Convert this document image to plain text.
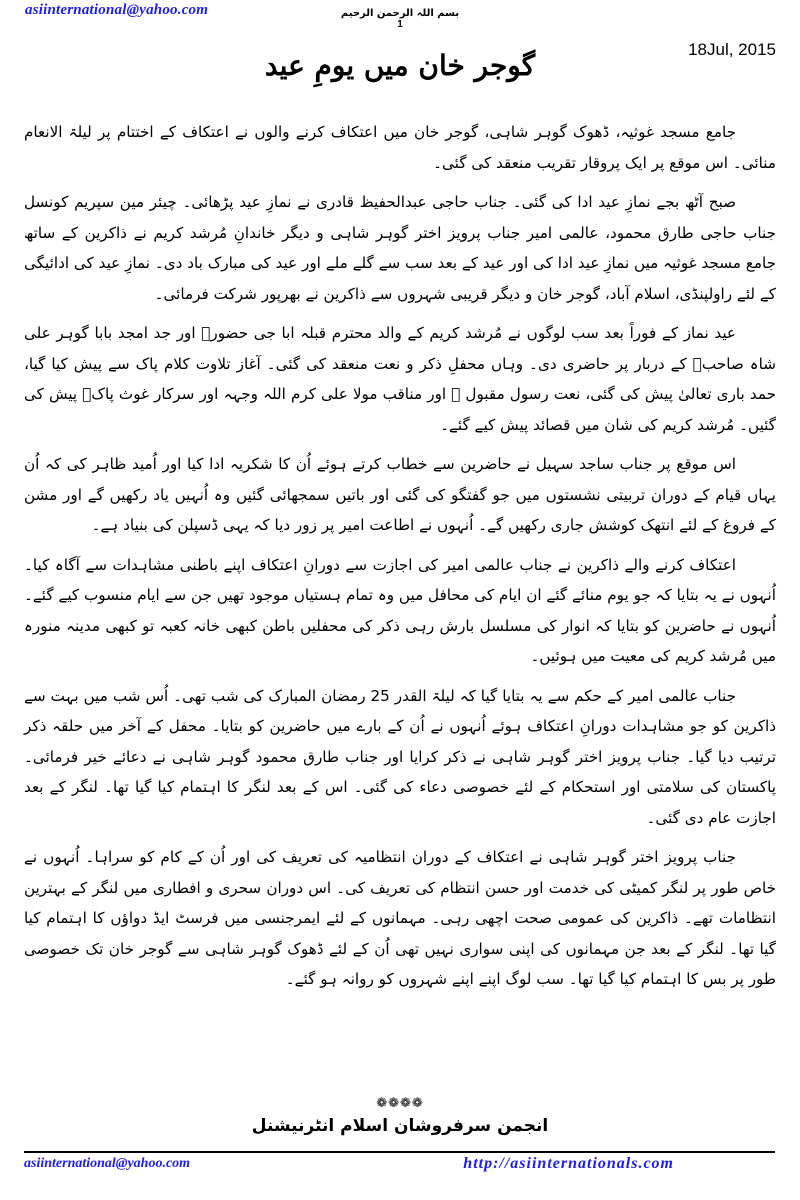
asiinternational@yahoo.com	بسم اللہ الرحمن الرحیم
1
18Jul, 2015
گوجر خان میں یومِ عید

جامع مسجد غوثیہ، ڈھوک گوہر شاہی، گوجر خان میں اعتکاف کرنے والوں نے اعتکاف کے اختتام پر لیلۃ الانعام منائی۔ اس موقع پر ایک پروقار تقریب منعقد کی گئی۔

صبح آٹھ بجے نمازِ عید ادا کی گئی۔ جناب حاجی عبدالحفیظ قادری نے نمازِ عید پڑھائی۔ چیئر مین سپریم کونسل جناب حاجی طارق محمود، عالمی امیر جناب پرویز اختر گوہر شاہی و دیگر خاندانِ مُرشد کریم نے ذاکرین کے ساتھ جامع مسجد غوثیہ میں نمازِ عید ادا کی اور عید کے بعد سب سے گلے ملے اور عید کی مبارک باد دی۔ نمازِ عید کی ادائیگی کے لئے راولپنڈی، اسلام آباد، گوجر خان و دیگر قریبی شہروں سے ذاکرین نے بھرپور شرکت فرمائی۔

عید نماز کے فوراً بعد سب لوگوں نے مُرشد کریم کے والد محترم قبلہ ابا جی حضورؒ اور جد امجد بابا گوہر علی شاہ صاحبؒ کے دربار پر حاضری دی۔ وہاں محفلِ ذکر و نعت منعقد کی گئی۔ آغاز تلاوت کلام پاک سے پیش کیا گیا، حمد باری تعالیٰ پیش کی گئی، نعت رسول مقبول ﷺ اور مناقب مولا علی کرم اللہ وجہہ اور سرکار غوث پاکؓ پیش کی گئیں۔ مُرشد کریم کی شان میں قصائد پیش کیے گئے۔

اس موقع پر جناب ساجد سہیل نے حاضرین سے خطاب کرتے ہوئے اُن کا شکریہ ادا کیا اور اُمید ظاہر کی کہ اُن یہاں قیام کے دوران تربیتی نشستوں میں جو گفتگو کی گئی اور باتیں سمجھائی گئیں وہ اُنہیں یاد رکھیں گے اور مشن کے فروغ کے لئے انتھک کوشش جاری رکھیں گے۔ اُنہوں نے اطاعت امیر پر زور دیا کہ یہی ڈسپلن کی بنیاد ہے۔

اعتکاف کرنے والے ذاکرین نے جناب عالمی امیر کی اجازت سے دورانِ اعتکاف اپنے باطنی مشاہدات سے آگاہ کیا۔ اُنہوں نے یہ بتایا کہ جو یوم منائے گئے ان ایام کی محافل میں وہ تمام ہستیاں موجود تھیں جن سے ایام منسوب کیے گئے۔ اُنہوں نے حاضرین کو بتایا کہ انوار کی مسلسل بارش رہی ذکر کی محفلیں باطن کبھی خانہ کعبہ تو کبھی مدینہ منورہ میں مُرشد کریم کی معیت میں ہوئیں۔

جناب عالمی امیر کے حکم سے یہ بتایا گیا کہ لیلۃ القدر 25 رمضان المبارک کی شب تھی۔ اُس شب میں بہت سے ذاکرین کو جو مشاہدات دورانِ اعتکاف ہوئے اُنہوں نے اُن کے بارے میں حاضرین کو بتایا۔ محفل کے آخر میں حلقہ ذکر ترتیب دیا گیا۔ جناب پرویز اختر گوہر شاہی نے ذکر کرایا اور جناب طارق محمود گوہر شاہی نے دعائے خیر فرمائی۔ پاکستان کی سلامتی اور استحکام کے لئے خصوصی دعاء کی گئی۔ اس کے بعد لنگر کا اہتمام کیا گیا تھا۔ لنگر کے بعد اجازت عام دی گئی۔

جناب پرویز اختر گوہر شاہی نے اعتکاف کے دوران انتظامیہ کی تعریف کی اور اُن کے کام کو سراہا۔ اُنہوں نے خاص طور پر لنگر کمیٹی کی خدمت اور حسن انتظام کی تعریف کی۔ اس دوران سحری و افطاری میں لنگر کے بہترین انتظامات تھے۔ ذاکرین کی عمومی صحت اچھی رہی۔ مہمانوں کے لئے ایمرجنسی میں فرسٹ ایڈ دواؤں کا اہتمام کیا گیا تھا۔ لنگر کے بعد جن مہمانوں کی اپنی سواری نہیں تھی اُن کے لئے ڈھوک گوہر شاہی سے گوجر خان تک خصوصی طور پر بس کا اہتمام کیا گیا تھا۔ سب لوگ اپنے اپنے شہروں کو روانہ ہو گئے۔

❁❁❁❁
انجمن سرفروشان اسلام انٹرنیشنل
asiinternational@yahoo.com	http://asiinternationals.com
